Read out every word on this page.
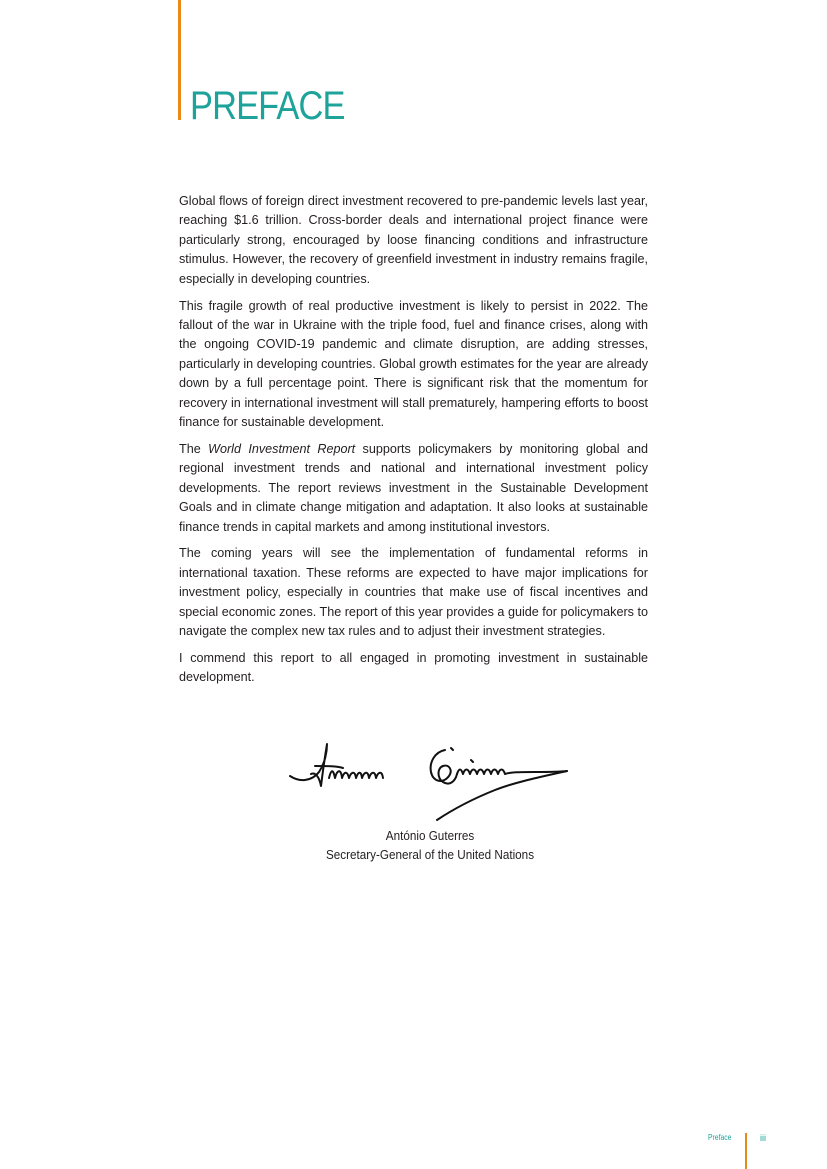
PREFACE

Global flows of foreign direct investment recovered to pre-pandemic levels last year, reaching $1.6 trillion. Cross-border deals and international project finance were particularly strong, encouraged by loose financing conditions and infrastructure stimulus. However, the recovery of greenfield investment in industry remains fragile, especially in developing countries.

This fragile growth of real productive investment is likely to persist in 2022. The fallout of the war in Ukraine with the triple food, fuel and finance crises, along with the ongoing COVID-19 pandemic and climate disruption, are adding stresses, particularly in developing countries. Global growth estimates for the year are already down by a full percentage point. There is significant risk that the momentum for recovery in international investment will stall prematurely, hampering efforts to boost finance for sustainable development.

The World Investment Report supports policymakers by monitoring global and regional investment trends and national and international investment policy developments. The report reviews investment in the Sustainable Development Goals and in climate change mitigation and adaptation. It also looks at sustainable finance trends in capital markets and among institutional investors.

The coming years will see the implementation of fundamental reforms in international taxation. These reforms are expected to have major implications for investment policy, especially in countries that make use of fiscal incentives and special economic zones. The report of this year provides a guide for policymakers to navigate the complex new tax rules and to adjust their investment strategies.

I commend this report to all engaged in promoting investment in sustainable development.

António Guterres
Secretary-General of the United Nations
Preface	iii
